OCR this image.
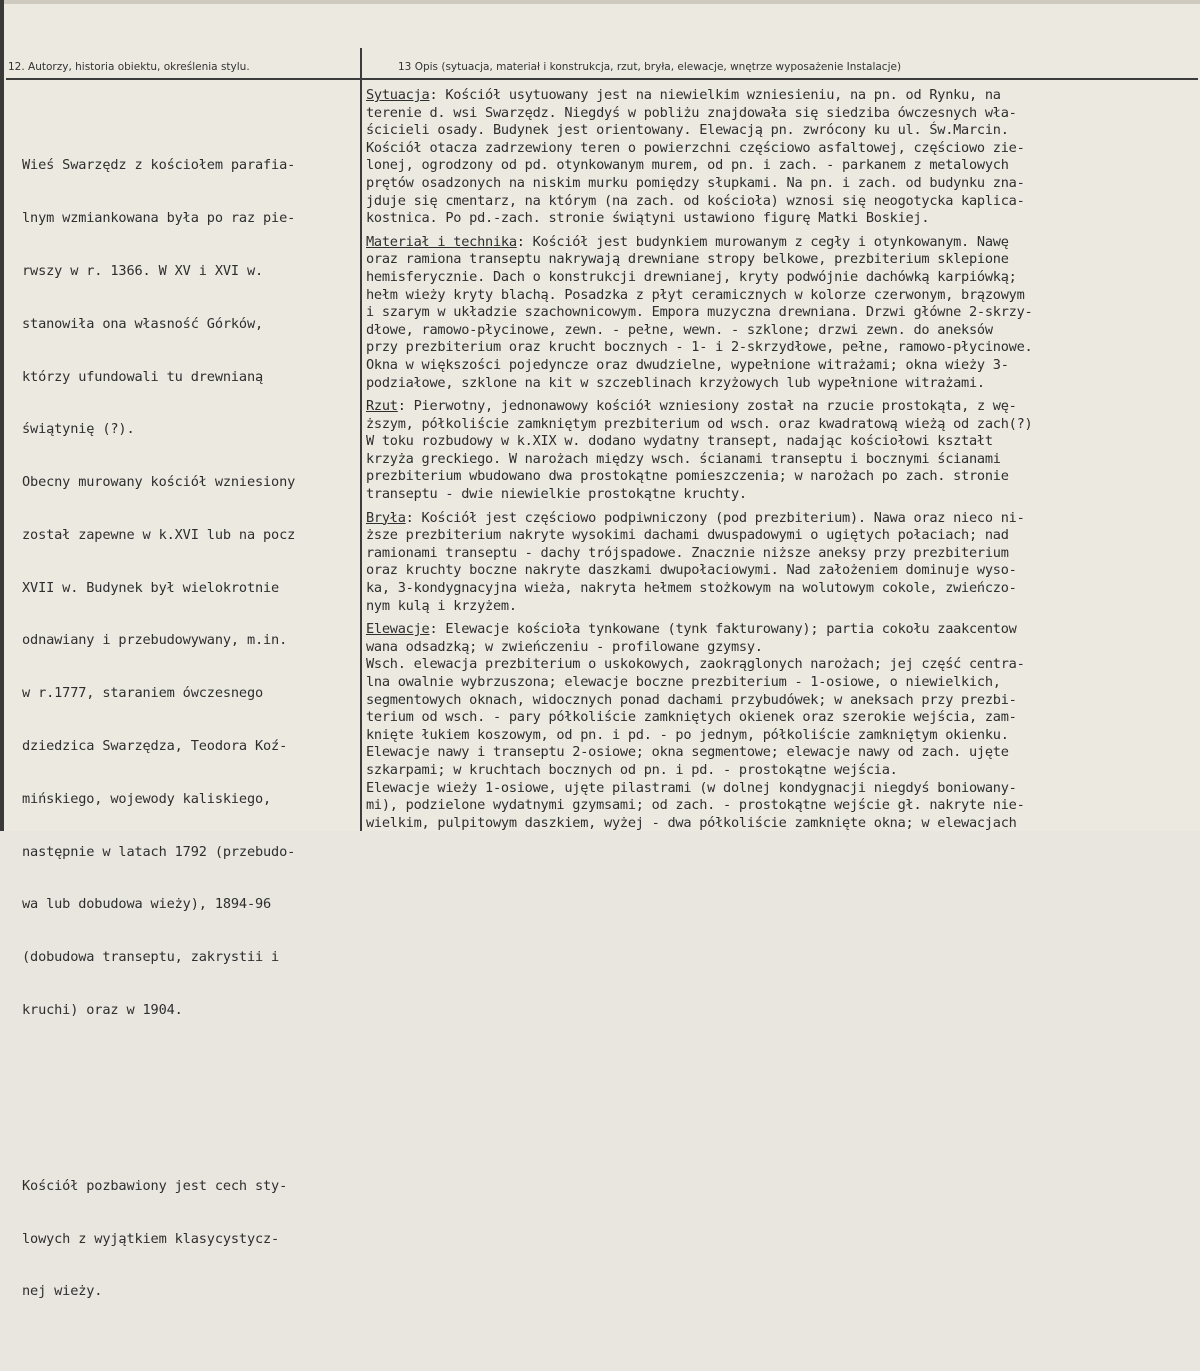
12. Autorzy, historia obiektu, określenia stylu.	13 Opis (sytuacja, materiał i konstrukcja, rzut, bryła, elewacje, wnętrze wyposażenie Instalacje)

Wieś Swarzędz z kościołem parafia-

lnym wzmiankowana była po raz pie-

rwszy w r. 1366. W XV i XVI w.

stanowiła ona własność Górków,

którzy ufundowali tu drewnianą

świątynię (?).

Obecny murowany kościół wzniesiony

został zapewne w k.XVI lub na pocz

XVII w. Budynek był wielokrotnie

odnawiany i przebudowywany, m.in.

w r.1777, staraniem ówczesnego

dziedzica Swarzędza, Teodora Koź-

mińskiego, wojewody kaliskiego,

następnie w latach 1792 (przebudo-

wa lub dobudowa wieży), 1894-96

(dobudowa transeptu, zakrystii i

kruchi) oraz w 1904.

Kościół pozbawiony jest cech sty-

lowych z wyjątkiem klasycystycz-

nej wieży.

Sytuacja: Kościół usytuowany jest na niewielkim wzniesieniu, na pn. od Rynku, na
terenie d. wsi Swarzędz. Niegdyś w pobliżu znajdowała się siedziba ówczesnych wła-
ścicieli osady. Budynek jest orientowany. Elewacją pn. zwrócony ku ul. Św.Marcin.
Kościół otacza zadrzewiony teren o powierzchni częściowo asfaltowej, częściowo zie-
lonej, ogrodzony od pd. otynkowanym murem, od pn. i zach. - parkanem z metalowych
prętów osadzonych na niskim murku pomiędzy słupkami. Na pn. i zach. od budynku zna-
jduje się cmentarz, na którym (na zach. od kościoła) wznosi się neogotycka kaplica-
kostnica. Po pd.-zach. stronie świątyni ustawiono figurę Matki Boskiej.
Materiał i technika: Kościół jest budynkiem murowanym z cegły i otynkowanym. Nawę
oraz ramiona transeptu nakrywają drewniane stropy belkowe, prezbiterium sklepione
hemisferycznie. Dach o konstrukcji drewnianej, kryty podwójnie dachówką karpiówką;
hełm wieży kryty blachą. Posadzka z płyt ceramicznych w kolorze czerwonym, brązowym
i szarym w układzie szachownicowym. Empora muzyczna drewniana. Drzwi główne 2-skrzy-
dłowe, ramowo-płycinowe, zewn. - pełne, wewn. - szklone; drzwi zewn. do aneksów
przy prezbiterium oraz krucht bocznych - 1- i 2-skrzydłowe, pełne, ramowo-płycinowe.
Okna w większości pojedyncze oraz dwudzielne, wypełnione witrażami; okna wieży 3-
podziałowe, szklone na kit w szczeblinach krzyżowych lub wypełnione witrażami.
Rzut: Pierwotny, jednonawowy kościół wzniesiony został na rzucie prostokąta, z wę-
ższym, półkoliście zamkniętym prezbiterium od wsch. oraz kwadratową wieżą od zach(?)
W toku rozbudowy w k.XIX w. dodano wydatny transept, nadając kościołowi kształt
krzyża greckiego. W narożach między wsch. ścianami transeptu i bocznymi ścianami
prezbiterium wbudowano dwa prostokątne pomieszczenia; w narożach po zach. stronie
transeptu - dwie niewielkie prostokątne kruchty.
Bryła: Kościół jest częściowo podpiwniczony (pod prezbiterium). Nawa oraz nieco ni-
ższe prezbiterium nakryte wysokimi dachami dwuspadowymi o ugiętych połaciach; nad
ramionami transeptu - dachy trójspadowe. Znacznie niższe aneksy przy prezbiterium
oraz kruchty boczne nakryte daszkami dwupołaciowymi. Nad założeniem dominuje wyso-
ka, 3-kondygnacyjna wieża, nakryta hełmem stożkowym na wolutowym cokole, zwieńczo-
nym kulą i krzyżem.
Elewacje: Elewacje kościoła tynkowane (tynk fakturowany); partia cokołu zaakcentow
wana odsadzką; w zwieńczeniu - profilowane gzymsy.
Wsch. elewacja prezbiterium o uskokowych, zaokrąglonych narożach; jej część centra-
lna owalnie wybrzuszona; elewacje boczne prezbiterium - 1-osiowe, o niewielkich,
segmentowych oknach, widocznych ponad dachami przybudówek; w aneksach przy prezbi-
terium od wsch. - pary półkoliście zamkniętych okienek oraz szerokie wejścia, zam-
knięte łukiem koszowym, od pn. i pd. - po jednym, półkoliście zamkniętym okienku.
Elewacje nawy i transeptu 2-osiowe; okna segmentowe; elewacje nawy od zach. ujęte
szkarpami; w kruchtach bocznych od pn. i pd. - prostokątne wejścia.
Elewacje wieży 1-osiowe, ujęte pilastrami (w dolnej kondygnacji niegdyś boniowany-
mi), podzielone wydatnymi gzymsami; od zach. - prostokątne wejście gł. nakryte nie-
wielkim, pulpitowym daszkiem, wyżej - dwa półkoliście zamknięte okna; w elewacjach
